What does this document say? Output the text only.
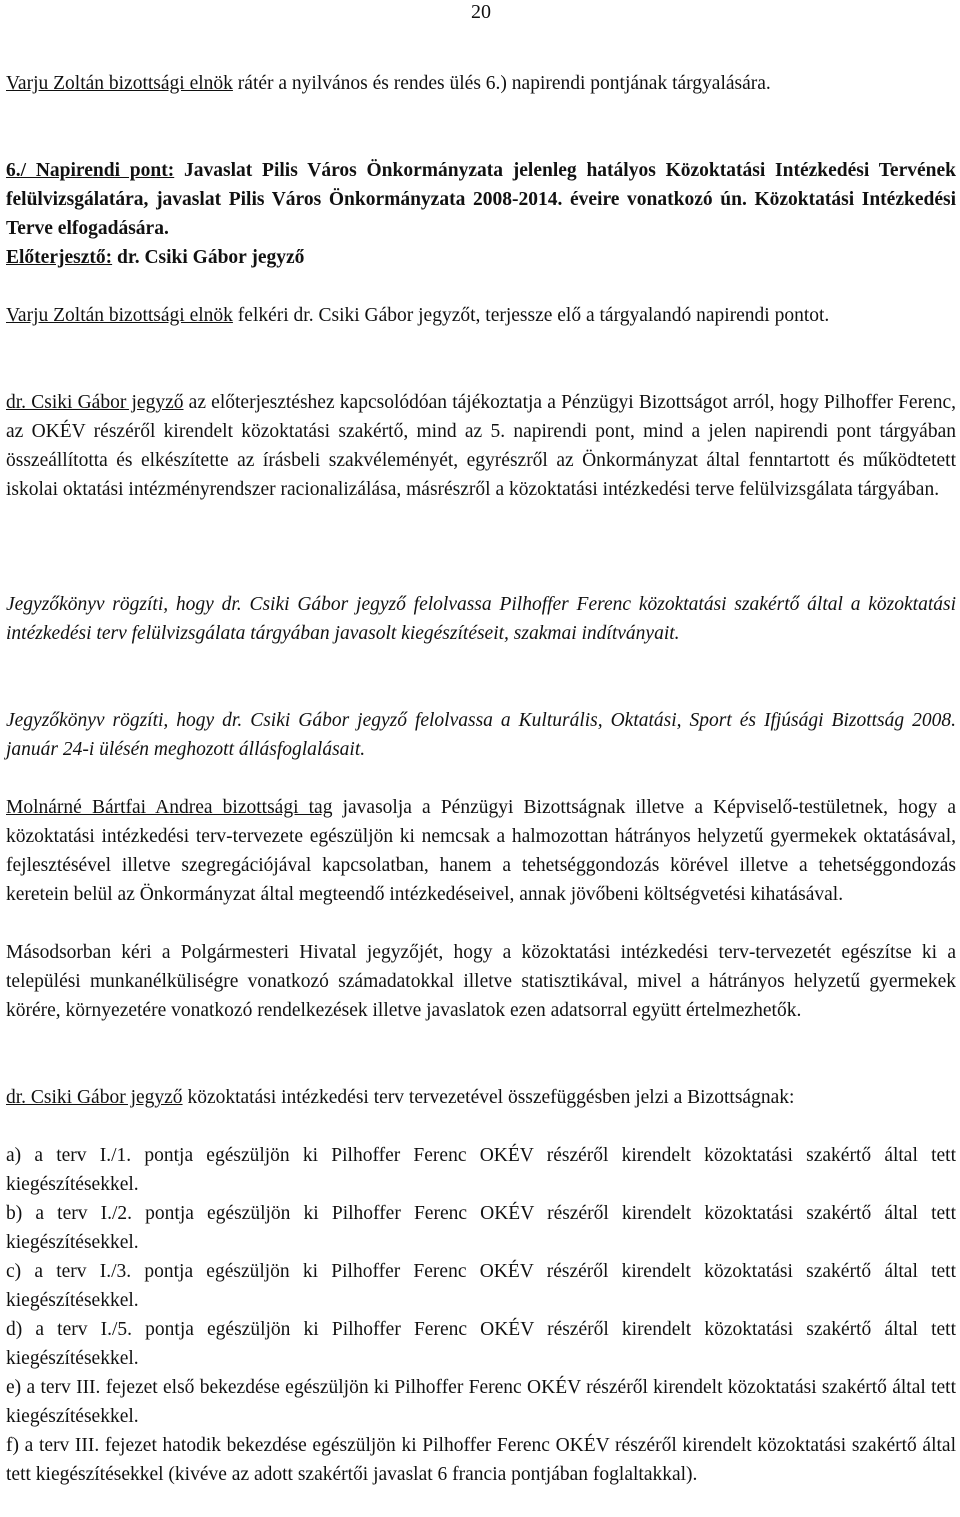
20

Varju Zoltán bizottsági elnök rátér a nyilvános és rendes ülés 6.) napirendi pontjának tárgyalására.

6./ Napirendi pont: Javaslat Pilis Város Önkormányzata jelenleg hatályos Közoktatási Intézkedési Tervének felülvizsgálatára, javaslat Pilis Város Önkormányzata 2008-2014. éveire vonatkozó ún. Közoktatási Intézkedési Terve elfogadására.

Előterjesztő: dr. Csiki Gábor jegyző

Varju Zoltán bizottsági elnök felkéri dr. Csiki Gábor jegyzőt, terjessze elő a tárgyalandó napirendi pontot.

dr. Csiki Gábor jegyző az előterjesztéshez kapcsolódóan tájékoztatja a Pénzügyi Bizottságot arról, hogy Pilhoffer Ferenc, az OKÉV részéről kirendelt közoktatási szakértő, mind az 5. napirendi pont, mind a jelen napirendi pont tárgyában összeállította és elkészítette az írásbeli szakvéleményét, egyrészről az Önkormányzat által fenntartott és működtetett iskolai oktatási intézményrendszer racionalizálása, másrészről a közoktatási intézkedési terve felülvizsgálata tárgyában.

Jegyzőkönyv rögzíti, hogy dr. Csiki Gábor jegyző felolvassa Pilhoffer Ferenc közoktatási szakértő által a közoktatási intézkedési terv felülvizsgálata tárgyában javasolt kiegészítéseit, szakmai indítványait.

Jegyzőkönyv rögzíti, hogy dr. Csiki Gábor jegyző felolvassa a Kulturális, Oktatási, Sport és Ifjúsági Bizottság 2008. január 24-i ülésén meghozott állásfoglalásait.

Molnárné Bártfai Andrea bizottsági tag javasolja a Pénzügyi Bizottságnak illetve a Képviselő-testületnek, hogy a közoktatási intézkedési terv-tervezete egészüljön ki nemcsak a halmozottan hátrányos helyzetű gyermekek oktatásával, fejlesztésével illetve szegregációjával kapcsolatban, hanem a tehetséggondozás körével illetve a tehetséggondozás keretein belül az Önkormányzat által megteendő intézkedéseivel, annak jövőbeni költségvetési kihatásával.

Másodsorban kéri a Polgármesteri Hivatal jegyzőjét, hogy a közoktatási intézkedési terv-tervezetét egészítse ki a települési munkanélküliségre vonatkozó számadatokkal illetve statisztikával, mivel a hátrányos helyzetű gyermekek körére, környezetére vonatkozó rendelkezések illetve javaslatok ezen adatsorral együtt értelmezhetők.

dr. Csiki Gábor jegyző közoktatási intézkedési terv tervezetével összefüggésben jelzi a Bizottságnak:

a) a terv I./1. pontja egészüljön ki Pilhoffer Ferenc OKÉV részéről kirendelt közoktatási szakértő által tett kiegészítésekkel.

b) a terv I./2. pontja egészüljön ki Pilhoffer Ferenc OKÉV részéről kirendelt közoktatási szakértő által tett kiegészítésekkel.

c) a terv I./3. pontja egészüljön ki Pilhoffer Ferenc OKÉV részéről kirendelt közoktatási szakértő által tett kiegészítésekkel.

d) a terv I./5. pontja egészüljön ki Pilhoffer Ferenc OKÉV részéről kirendelt közoktatási szakértő által tett kiegészítésekkel.

e) a terv III. fejezet első bekezdése egészüljön ki Pilhoffer Ferenc OKÉV részéről kirendelt közoktatási szakértő által tett kiegészítésekkel.

f) a terv III. fejezet hatodik bekezdése egészüljön ki Pilhoffer Ferenc OKÉV részéről kirendelt közoktatási szakértő által tett kiegészítésekkel (kivéve az adott szakértői javaslat 6 francia pontjában foglaltakkal).
